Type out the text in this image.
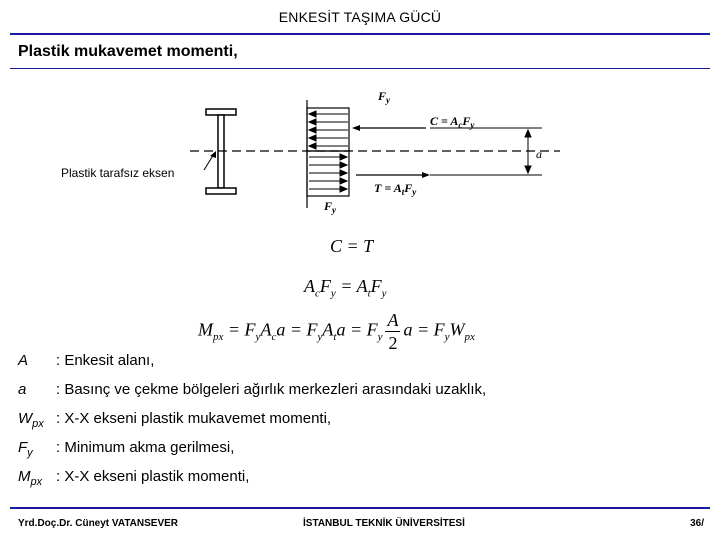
ENKESİT TAŞIMA GÜCÜ
Plastik mukavemet momenti,
$F_y$
$C = A_cF_y$
$T = A_tF_y$
$F_y$
a
Plastik tarafsız eksen
C = T
$A_cF_y = A_tF_y$
$M_{px} = F_yA_ca = F_yA_ta = F_y \frac{A}{2}$ $a = F_yW_{px}$
A : Enkesit alanı,
a : Basınç ve çekme bölgeleri ağırlık merkezleri arasındaki uzaklık,
$W_{px}$ : X-X ekseni plastik mukavemet momenti,
$F_y$ : Minimum akma gerilmesi,
$M_{px}$ : X-X ekseni plastik momenti,
Yrd.Doç.Dr. Cüneyt VATANSEVER	İSTANBUL TEKNİK ÜNİVERSİTESİ	36/
